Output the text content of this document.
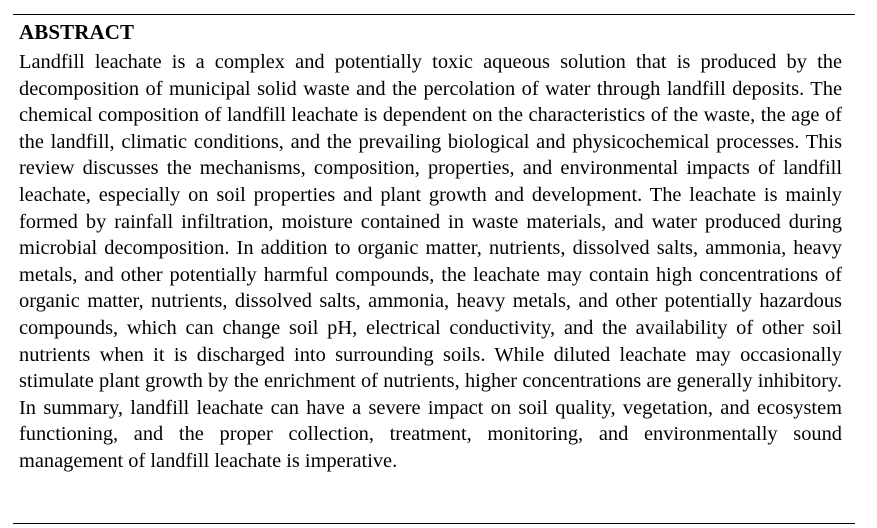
ABSTRACT

Landfill leachate is a complex and potentially toxic aqueous solution that is produced by the decomposition of municipal solid waste and the percolation of water through landfill deposits. The chemical composition of landfill leachate is dependent on the characteristics of the waste, the age of the landfill, climatic conditions, and the prevailing biological and physicochemical processes. This review discusses the mechanisms, composition, properties, and environmental impacts of landfill leachate, especially on soil properties and plant growth and development. The leachate is mainly formed by rainfall infiltration, moisture contained in waste materials, and water produced during microbial decomposition. In addition to organic matter, nutrients, dissolved salts, ammonia, heavy metals, and other potentially harmful compounds, the leachate may contain high concentrations of organic matter, nutrients, dissolved salts, ammonia, heavy metals, and other potentially hazardous compounds, which can change soil pH, electrical conductivity, and the availability of other soil nutrients when it is discharged into surrounding soils. While diluted leachate may occasionally stimulate plant growth by the enrichment of nutrients, higher concentrations are generally inhibitory. In summary, landfill leachate can have a severe impact on soil quality, vegetation, and ecosystem functioning, and the proper collection, treatment, monitoring, and environmentally sound management of landfill leachate is imperative.
